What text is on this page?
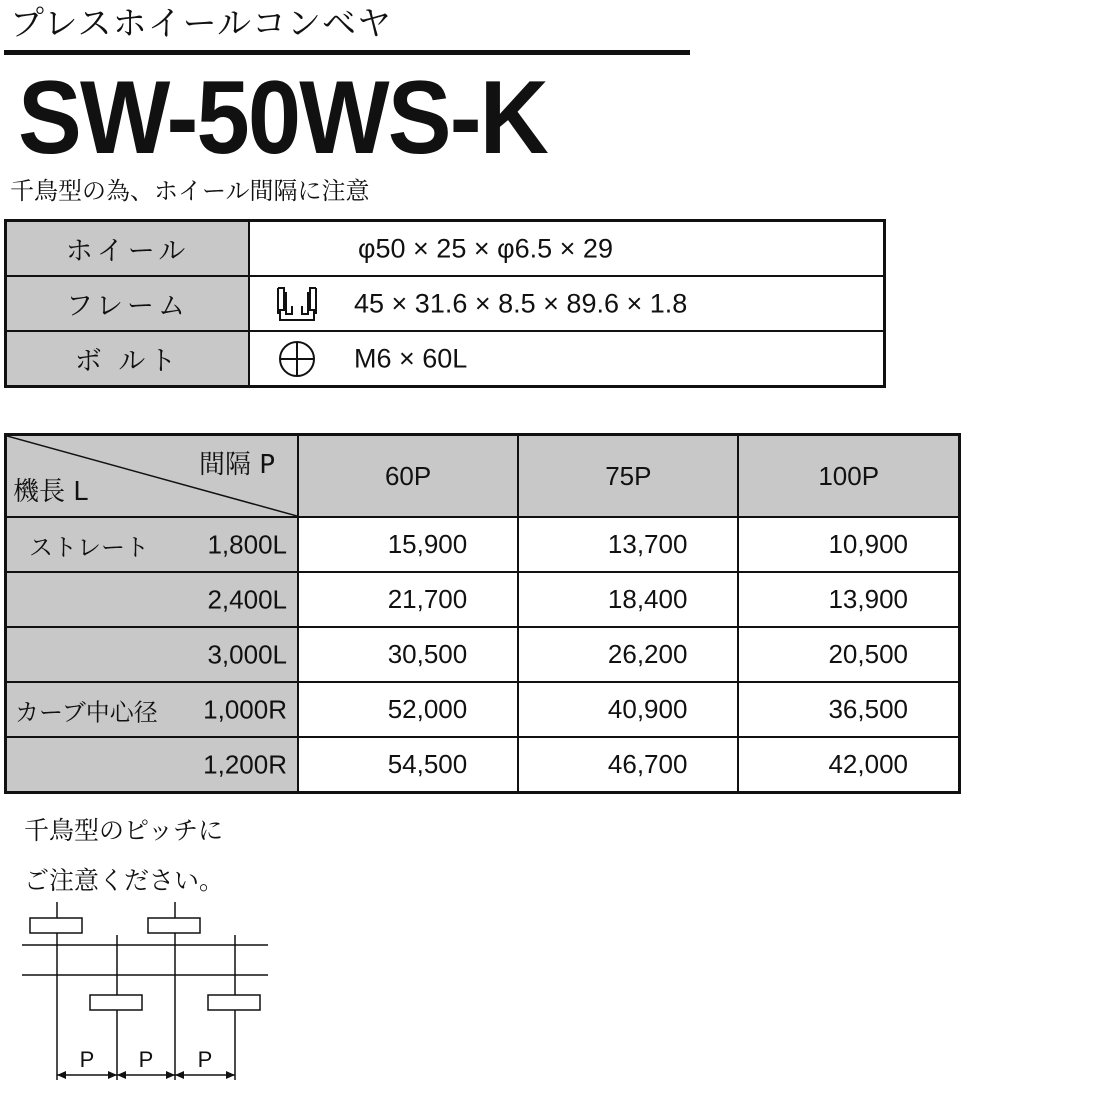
プレスホイールコンベヤ
SW-50WS-K
千鳥型の為、ホイール間隔に注意
ホイール	φ50 × 25 × φ6.5 × 29

フレーム	45 × 31.6 × 8.5 × 89.6 × 1.8

ボ ルト	M6 × 60L
間隔 P
機長 L	60P	75P	100P

ストレート 1,800L	15,900	13,700	10,900

2,400L	21,700	18,400	13,900

3,000L	30,500	26,200	20,500

カーブ中心径 1,000R	52,000	40,900	36,500

1,200R	54,500	46,700	42,000
千鳥型のピッチに
ご注意ください。
P P P
